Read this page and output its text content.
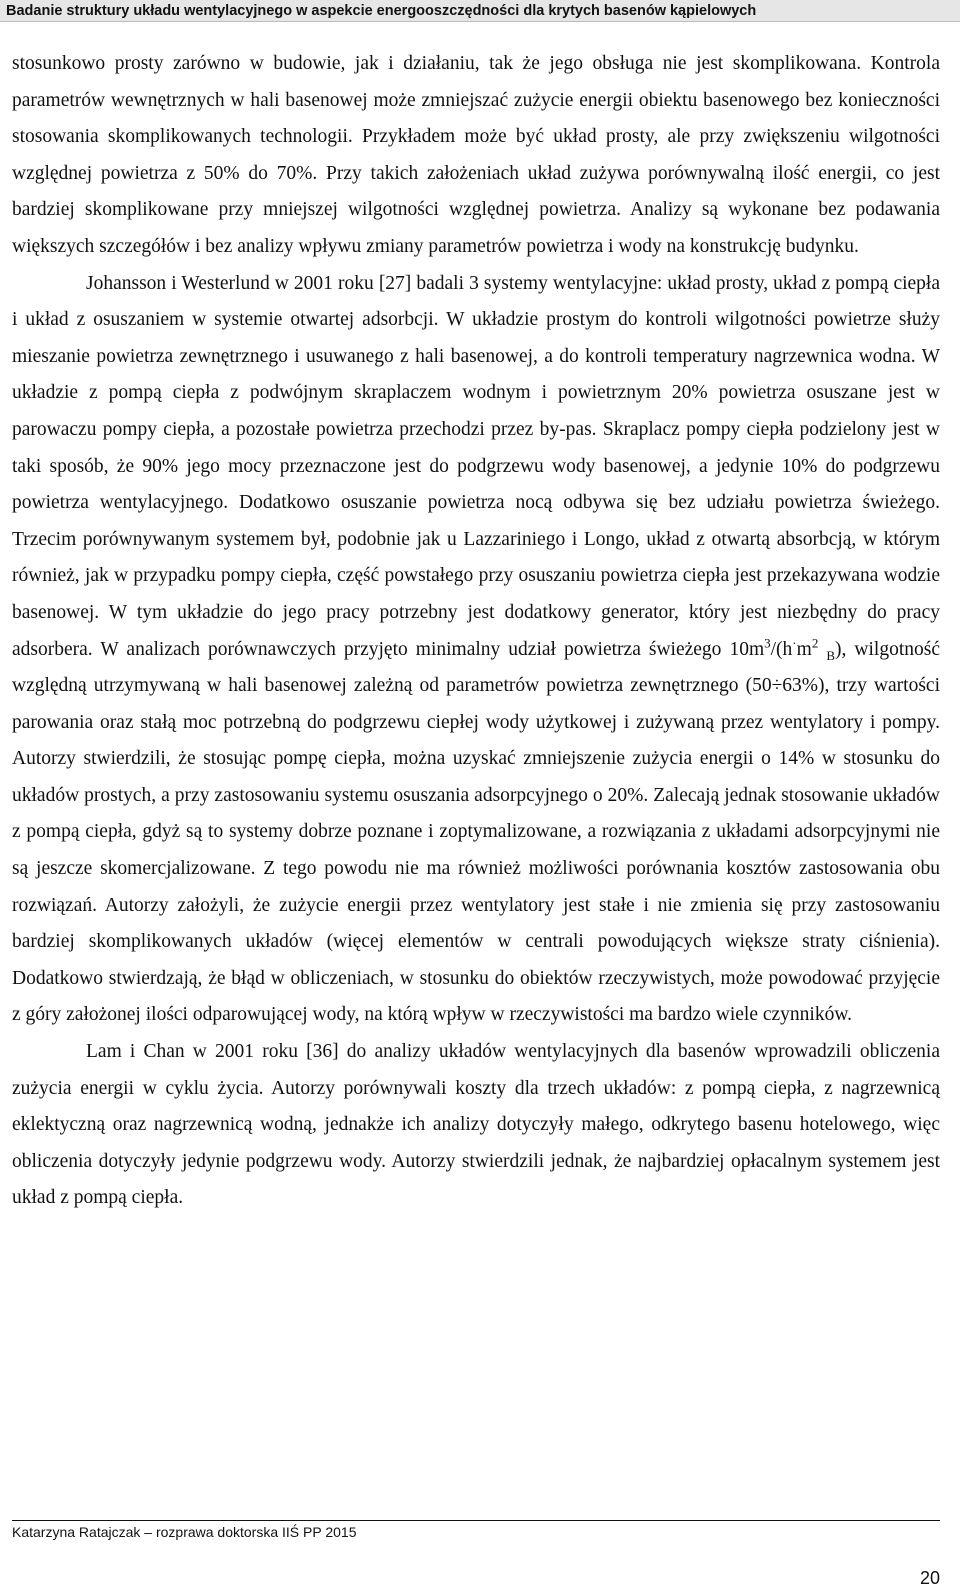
Badanie struktury układu wentylacyjnego w aspekcie energooszczędności dla krytych basenów kąpielowych

stosunkowo prosty zarówno w budowie, jak i działaniu, tak że jego obsługa nie jest skomplikowana. Kontrola parametrów wewnętrznych w hali basenowej może zmniejszać zużycie energii obiektu basenowego bez konieczności stosowania skomplikowanych technologii. Przykładem może być układ prosty, ale przy zwiększeniu wilgotności względnej powietrza z 50% do 70%. Przy takich założeniach układ zużywa porównywalną ilość energii, co jest bardziej skomplikowane przy mniejszej wilgotności względnej powietrza. Analizy są wykonane bez podawania większych szczegółów i bez analizy wpływu zmiany parametrów powietrza i wody na konstrukcję budynku.

Johansson i Westerlund w 2001 roku [27] badali 3 systemy wentylacyjne: układ prosty, układ z pompą ciepła i układ z osuszaniem w systemie otwartej adsorbcji. W układzie prostym do kontroli wilgotności powietrze służy mieszanie powietrza zewnętrznego i usuwanego z hali basenowej, a do kontroli temperatury nagrzewnica wodna. W układzie z pompą ciepła z podwójnym skraplaczem wodnym i powietrznym 20% powietrza osuszane jest w parowaczu pompy ciepła, a pozostałe powietrza przechodzi przez by-pas. Skraplacz pompy ciepła podzielony jest w taki sposób, że 90% jego mocy przeznaczone jest do podgrzewu wody basenowej, a jedynie 10% do podgrzewu powietrza wentylacyjnego. Dodatkowo osuszanie powietrza nocą odbywa się bez udziału powietrza świeżego. Trzecim porównywanym systemem był, podobnie jak u Lazzariniego i Longo, układ z otwartą absorbcją, w którym również, jak w przypadku pompy ciepła, część powstałego przy osuszaniu powietrza ciepła jest przekazywana wodzie basenowej. W tym układzie do jego pracy potrzebny jest dodatkowy generator, który jest niezbędny do pracy adsorbera. W analizach porównawczych przyjęto minimalny udział powietrza świeżego $10m^3/(h^\cdot m^2$ $_B$), wilgotność względną utrzymywaną w hali basenowej zależną od parametrów powietrza zewnętrznego (50÷63%), trzy wartości parowania oraz stałą moc potrzebną do podgrzewu ciepłej wody użytkowej i zużywaną przez wentylatory i pompy. Autorzy stwierdzili, że stosując pompę ciepła, można uzyskać zmniejszenie zużycia energii o 14% w stosunku do układów prostych, a przy zastosowaniu systemu osuszania adsorpcyjnego o 20%. Zalecają jednak stosowanie układów z pompą ciepła, gdyż są to systemy dobrze poznane i zoptymalizowane, a rozwiązania z układami adsorpcyjnymi nie są jeszcze skomercjalizowane. Z tego powodu nie ma również możliwości porównania kosztów zastosowania obu rozwiązań. Autorzy założyli, że zużycie energii przez wentylatory jest stałe i nie zmienia się przy zastosowaniu bardziej skomplikowanych układów (więcej elementów w centrali powodujących większe straty ciśnienia). Dodatkowo stwierdzają, że błąd w obliczeniach, w stosunku do obiektów rzeczywistych, może powodować przyjęcie z góry założonej ilości odparowującej wody, na którą wpływ w rzeczywistości ma bardzo wiele czynników.

Lam i Chan w 2001 roku [36] do analizy układów wentylacyjnych dla basenów wprowadzili obliczenia zużycia energii w cyklu życia. Autorzy porównywali koszty dla trzech układów: z pompą ciepła, z nagrzewnicą eklektyczną oraz nagrzewnicą wodną, jednakże ich analizy dotyczyły małego, odkrytego basenu hotelowego, więc obliczenia dotyczyły jedynie podgrzewu wody. Autorzy stwierdzili jednak, że najbardziej opłacalnym systemem jest układ z pompą ciepła.

Katarzyna Ratajczak – rozprawa doktorska IIŚ PP 2015
20
